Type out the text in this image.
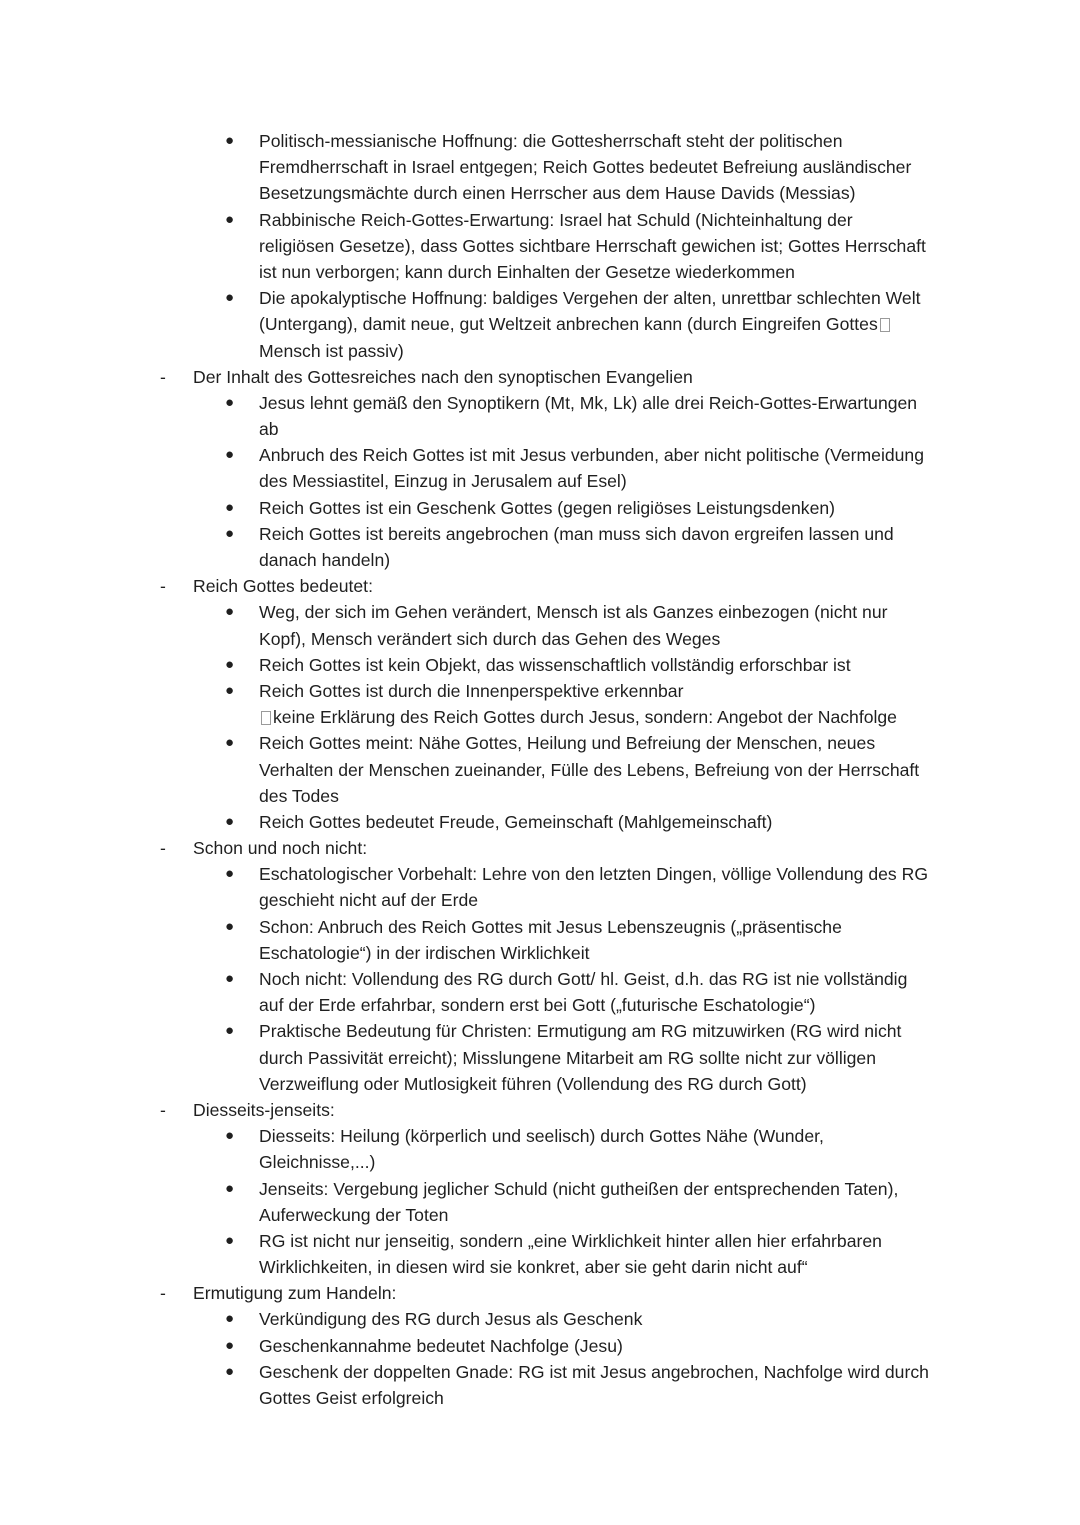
● Politisch-messianische Hoffnung: die Gottesherrschaft steht der politischen
Fremdherrschaft in Israel entgegen; Reich Gottes bedeutet Befreiung ausländischer
Besetzungsmächte durch einen Herrscher aus dem Hause Davids (Messias)
● Rabbinische Reich-Gottes-Erwartung: Israel hat Schuld (Nichteinhaltung der
religiösen Gesetze), dass Gottes sichtbare Herrschaft gewichen ist; Gottes Herrschaft
ist nun verborgen; kann durch Einhalten der Gesetze wiederkommen
● Die apokalyptische Hoffnung: baldiges Vergehen der alten, unrettbar schlechten Welt
(Untergang), damit neue, gut Weltzeit anbrechen kann (durch Eingreifen Gottes
Mensch ist passiv)
- Der Inhalt des Gottesreiches nach den synoptischen Evangelien
● Jesus lehnt gemäß den Synoptikern (Mt, Mk, Lk) alle drei Reich-Gottes-Erwartungen
ab
● Anbruch des Reich Gottes ist mit Jesus verbunden, aber nicht politische (Vermeidung
des Messiastitel, Einzug in Jerusalem auf Esel)
● Reich Gottes ist ein Geschenk Gottes (gegen religiöses Leistungsdenken)
● Reich Gottes ist bereits angebrochen (man muss sich davon ergreifen lassen und
danach handeln)
- Reich Gottes bedeutet:
● Weg, der sich im Gehen verändert, Mensch ist als Ganzes einbezogen (nicht nur
Kopf), Mensch verändert sich durch das Gehen des Weges
● Reich Gottes ist kein Objekt, das wissenschaftlich vollständig erforschbar ist
● Reich Gottes ist durch die Innenperspektive erkennbar
keine Erklärung des Reich Gottes durch Jesus, sondern: Angebot der Nachfolge
● Reich Gottes meint: Nähe Gottes, Heilung und Befreiung der Menschen, neues
Verhalten der Menschen zueinander, Fülle des Lebens, Befreiung von der Herrschaft
des Todes
● Reich Gottes bedeutet Freude, Gemeinschaft (Mahlgemeinschaft)
- Schon und noch nicht:
● Eschatologischer Vorbehalt: Lehre von den letzten Dingen, völlige Vollendung des RG
geschieht nicht auf der Erde
● Schon: Anbruch des Reich Gottes mit Jesus Lebenszeugnis („präsentische
Eschatologie“) in der irdischen Wirklichkeit
● Noch nicht: Vollendung des RG durch Gott/ hl. Geist, d.h. das RG ist nie vollständig
auf der Erde erfahrbar, sondern erst bei Gott („futurische Eschatologie“)
● Praktische Bedeutung für Christen: Ermutigung am RG mitzuwirken (RG wird nicht
durch Passivität erreicht); Misslungene Mitarbeit am RG sollte nicht zur völligen
Verzweiflung oder Mutlosigkeit führen (Vollendung des RG durch Gott)
- Diesseits-jenseits:
● Diesseits: Heilung (körperlich und seelisch) durch Gottes Nähe (Wunder,
Gleichnisse,...)
● Jenseits: Vergebung jeglicher Schuld (nicht gutheißen der entsprechenden Taten),
Auferweckung der Toten
● RG ist nicht nur jenseitig, sondern „eine Wirklichkeit hinter allen hier erfahrbaren
Wirklichkeiten, in diesen wird sie konkret, aber sie geht darin nicht auf“
- Ermutigung zum Handeln:
● Verkündigung des RG durch Jesus als Geschenk
● Geschenkannahme bedeutet Nachfolge (Jesu)
● Geschenk der doppelten Gnade: RG ist mit Jesus angebrochen, Nachfolge wird durch
Gottes Geist erfolgreich
